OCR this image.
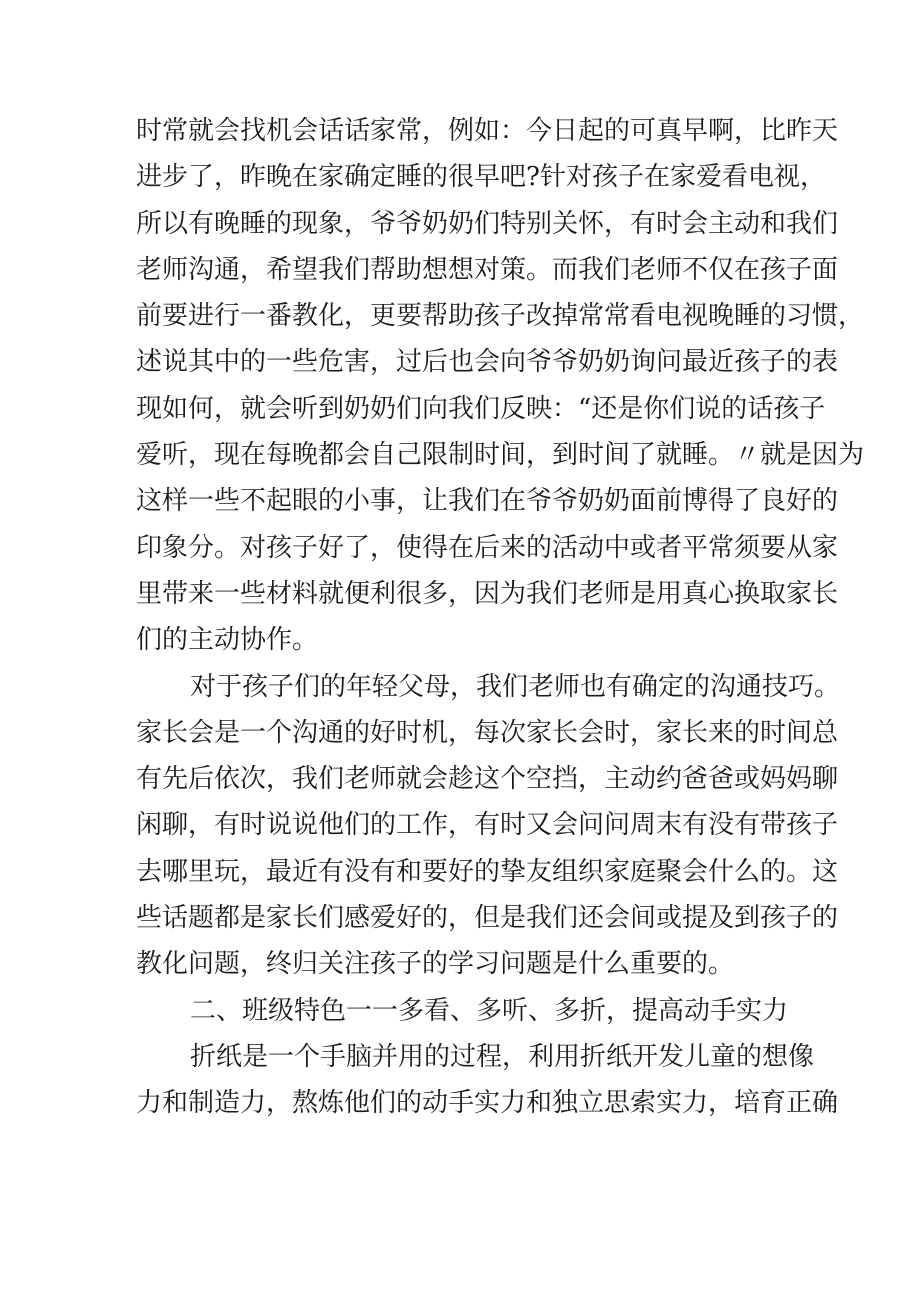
时常就会找机会话话家常，例如：今日起的可真早啊，比昨天
进步了，昨晚在家确定睡的很早吧?针对孩子在家爱看电视，
所以有晚睡的现象，爷爷奶奶们特别关怀，有时会主动和我们
老师沟通，希望我们帮助想想对策。而我们老师不仅在孩子面
前要进行一番教化，更要帮助孩子改掉常常看电视晚睡的习惯，
述说其中的一些危害，过后也会向爷爷奶奶询问最近孩子的表
现如何，就会听到奶奶们向我们反映：“还是你们说的话孩子
爱听，现在每晚都会自己限制时间，到时间了就睡。〃就是因为
这样一些不起眼的小事，让我们在爷爷奶奶面前博得了良好的
印象分。对孩子好了，使得在后来的活动中或者平常须要从家
里带来一些材料就便利很多，因为我们老师是用真心换取家长
们的主动协作。
对于孩子们的年轻父母，我们老师也有确定的沟通技巧。
家长会是一个沟通的好时机，每次家长会时，家长来的时间总
有先后依次，我们老师就会趁这个空挡，主动约爸爸或妈妈聊
闲聊，有时说说他们的工作，有时又会问问周末有没有带孩子
去哪里玩，最近有没有和要好的挚友组织家庭聚会什么的。这
些话题都是家长们感爱好的，但是我们还会间或提及到孩子的
教化问题，终归关注孩子的学习问题是什么重要的。
二、班级特色一一多看、多听、多折，提高动手实力
折纸是一个手脑并用的过程，利用折纸开发儿童的想像
力和制造力，熬炼他们的动手实力和独立思索实力，培育正确
